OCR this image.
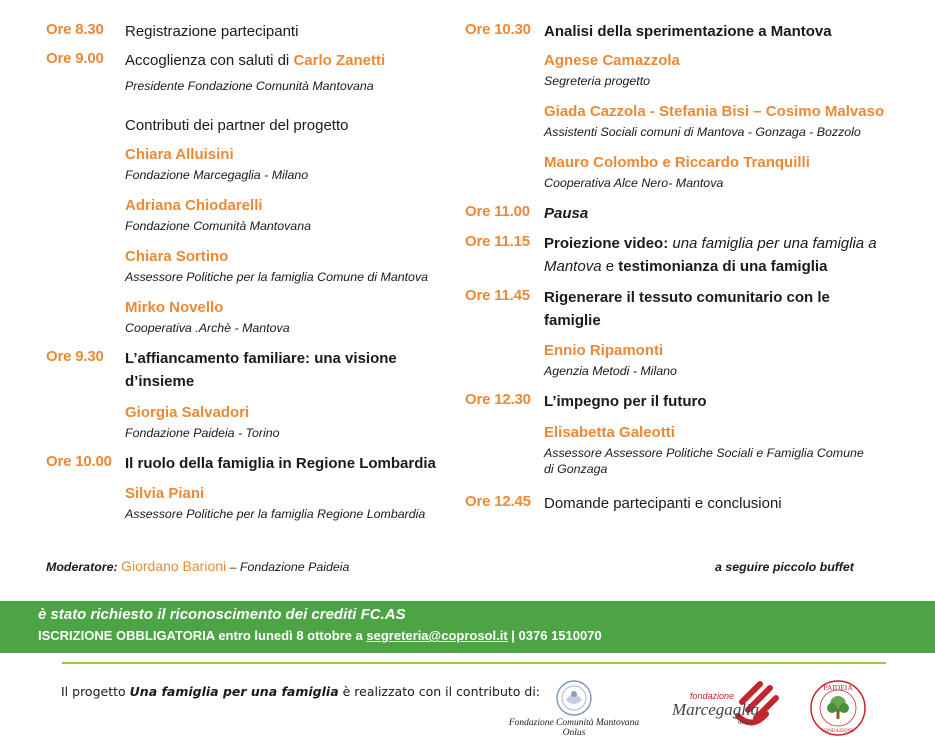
Ore 8.30	Registrazione partecipanti
Ore 9.00	Accoglienza con saluti di Carlo Zanetti
Presidente Fondazione Comunità Mantovana
Contributi dei partner del progetto
Chiara Alluisini
Fondazione Marcegaglia - Milano
Adriana Chiodarelli
Fondazione Comunità Mantovana
Chiara Sortino
Assessore Politiche per la famiglia Comune di Mantova
Mirko Novello
Cooperativa .Archè - Mantova
Ore 9.30	L’affiancamento familiare: una visione
d’insieme
Giorgia Salvadori
Fondazione Paideia - Torino
Ore 10.00 Il ruolo della famiglia in Regione Lombardia
Silvia Piani
Assessore Politiche per la famiglia Regione Lombardia
Ore 10.30 Analisi della sperimentazione a Mantova
Agnese Camazzola
Segreteria progetto
Giada Cazzola - Stefania Bisi – Cosimo Malvaso
Assistenti Sociali comuni di Mantova - Gonzaga - Bozzolo
Mauro Colombo e Riccardo Tranquilli
Cooperativa Alce Nero- Mantova
Ore 11.00 Pausa
Ore 11.15 Proiezione video: una famiglia per una famiglia a
Mantova e testimonianza di una famiglia
Ore 11.45 Rigenerare il tessuto comunitario con le
famiglie
Ennio Ripamonti
Agenzia Metodi - Milano
Ore 12.30 L’impegno per il futuro
Elisabetta Galeotti
Assessore Assessore Politiche Sociali e Famiglia Comune
di Gonzaga
Ore 12.45 Domande partecipanti e conclusioni
Moderatore: Giordano Barioni – Fondazione Paideia	a seguire piccolo buffet
è stato richiesto il riconoscimento dei crediti FC.AS
ISCRIZIONE OBBLIGATORIA entro lunedì 8 ottobre a segreteria@coprosol.it | 0376 1510070
Il progetto Una famiglia per una famiglia è realizzato con il contributo di:
Fondazione Comunità Mantovana Onlus
fondazione
Marcegaglia
onlus
PAIDEIA
FONDAZIONE
